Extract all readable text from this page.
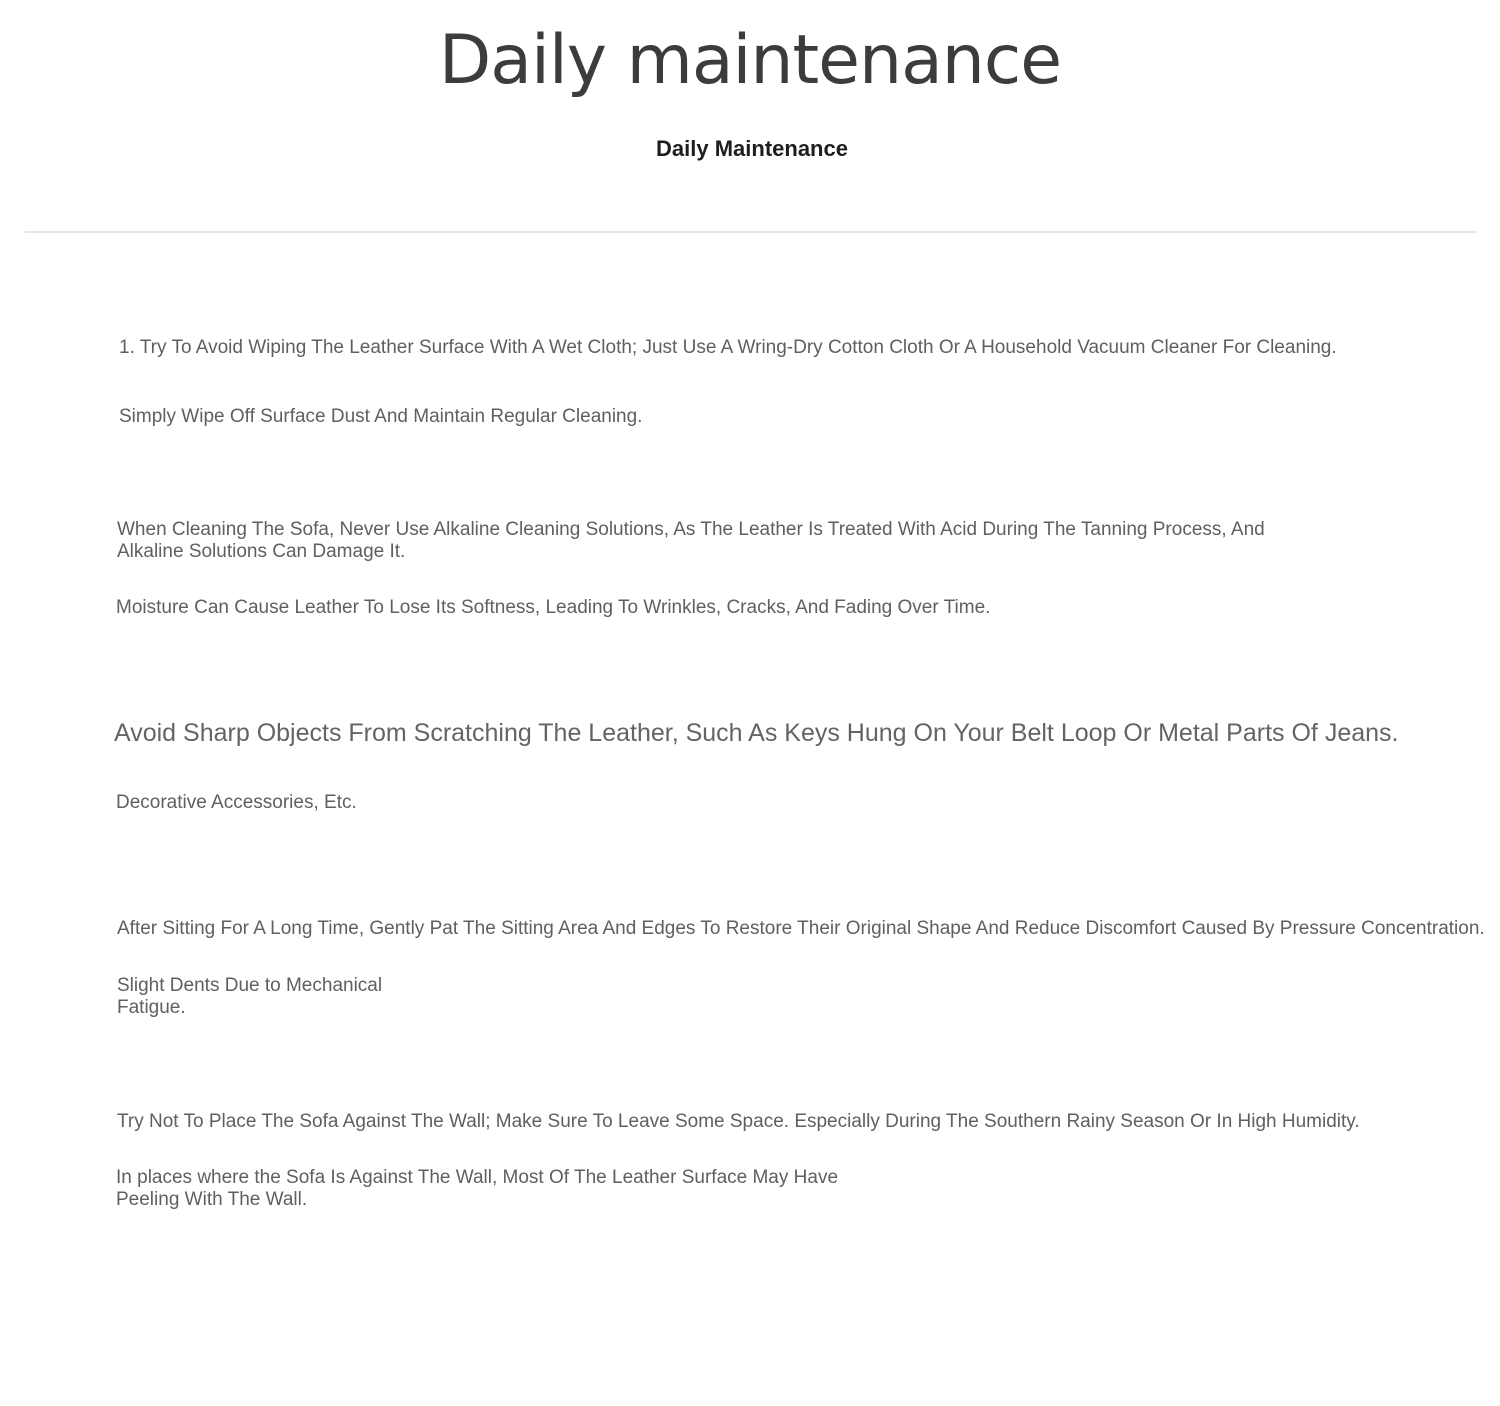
Daily maintenance
Daily Maintenance

1. Try To Avoid Wiping The Leather Surface With A Wet Cloth; Just Use A Wring-Dry Cotton Cloth Or A Household Vacuum Cleaner For Cleaning.

Simply Wipe Off Surface Dust And Maintain Regular Cleaning.

When Cleaning The Sofa, Never Use Alkaline Cleaning Solutions, As The Leather Is Treated With Acid During The Tanning Process, And Alkaline Solutions Can Damage It.

Moisture Can Cause Leather To Lose Its Softness, Leading To Wrinkles, Cracks, And Fading Over Time.

Avoid Sharp Objects From Scratching The Leather, Such As Keys Hung On Your Belt Loop Or Metal Parts Of Jeans.

Decorative Accessories, Etc.

After Sitting For A Long Time, Gently Pat The Sitting Area And Edges To Restore Their Original Shape And Reduce Discomfort Caused By Pressure Concentration.

Slight Dents Due to Mechanical Fatigue.

Try Not To Place The Sofa Against The Wall; Make Sure To Leave Some Space. Especially During The Southern Rainy Season Or In High Humidity.

In places where the Sofa Is Against The Wall, Most Of The Leather Surface May Have Peeling With The Wall.
